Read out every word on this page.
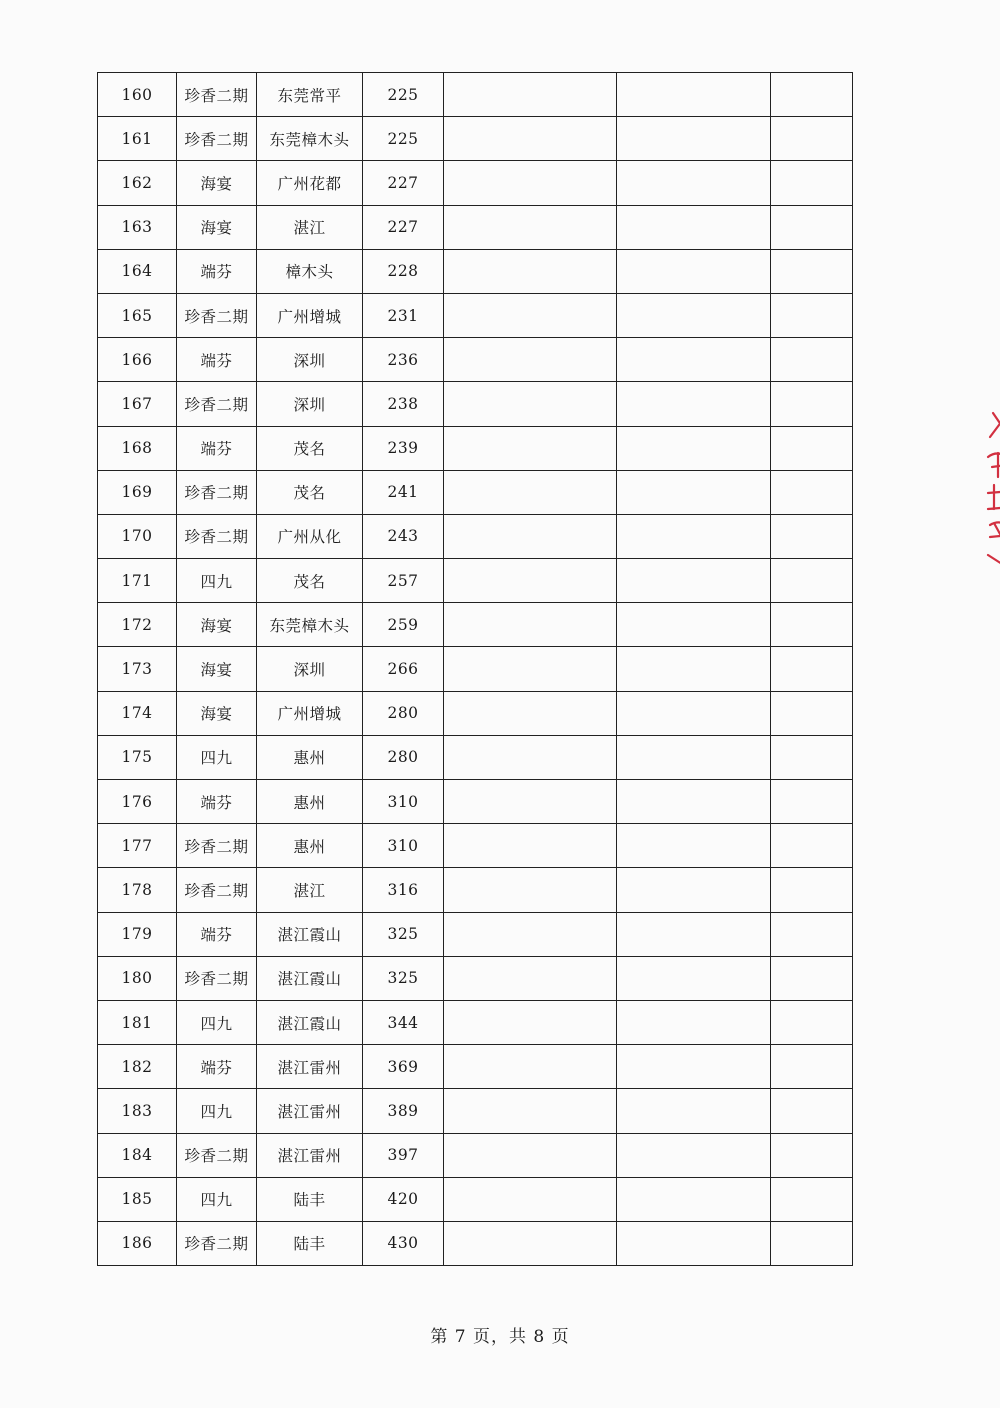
160	珍香二期	东莞常平	225			
161	珍香二期	东莞樟木头	225			
162	海宴	广州花都	227			
163	海宴	湛江	227			
164	端芬	樟木头	228			
165	珍香二期	广州增城	231			
166	端芬	深圳	236			
167	珍香二期	深圳	238			
168	端芬	茂名	239			
169	珍香二期	茂名	241			
170	珍香二期	广州从化	243			
171	四九	茂名	257			
172	海宴	东莞樟木头	259			
173	海宴	深圳	266			
174	海宴	广州增城	280			
175	四九	惠州	280			
176	端芬	惠州	310			
177	珍香二期	惠州	310			
178	珍香二期	湛江	316			
179	端芬	湛江霞山	325			
180	珍香二期	湛江霞山	325			
181	四九	湛江霞山	344			
182	端芬	湛江雷州	369			
183	四九	湛江雷州	389			
184	珍香二期	湛江雷州	397			
185	四九	陆丰	420			
186	珍香二期	陆丰	430			
第 7 页，共 8 页
